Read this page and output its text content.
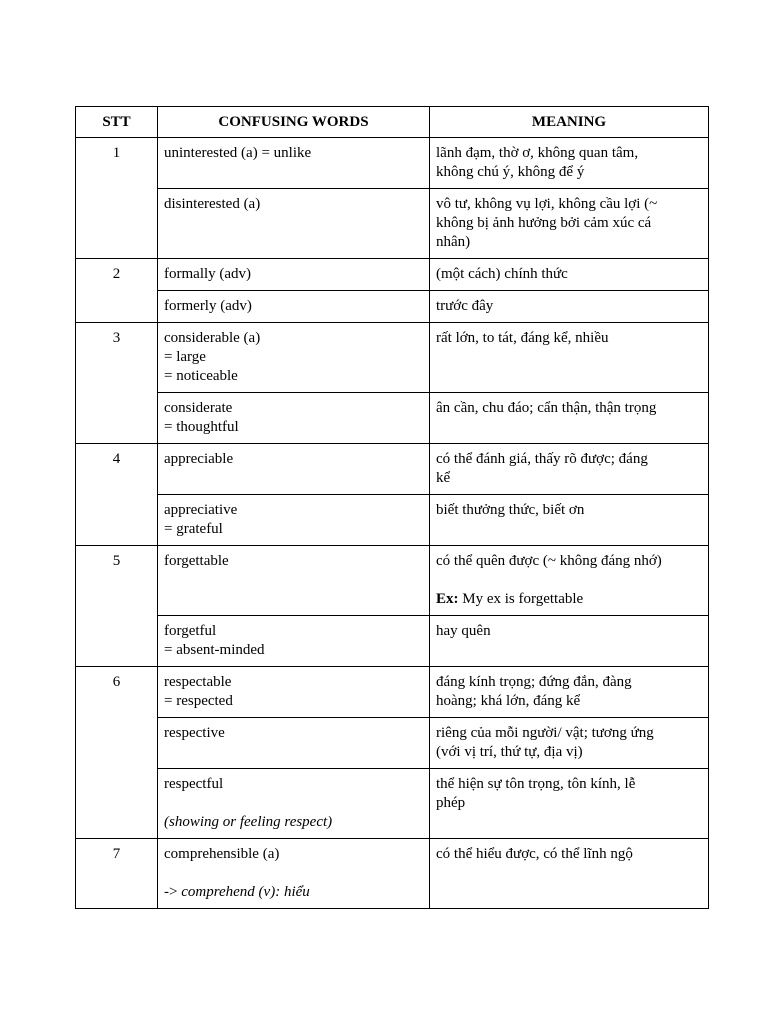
STT	CONFUSING WORDS	MEANING
1	uninterested (a) = unlike	lãnh đạm, thờ ơ, không quan tâm,
không chú ý, không để ý

	disinterested (a)	vô tư, không vụ lợi, không cầu lợi (~
không bị ảnh hưởng bởi cảm xúc cá
nhân)

2	formally (adv)	(một cách) chính thức

	formerly (adv)	trước đây

3	considerable (a)
= large
= noticeable	rất lớn, to tát, đáng kể, nhiều

	considerate
= thoughtful	ân cần, chu đáo; cẩn thận, thận trọng

4	appreciable	có thể đánh giá, thấy rõ được; đáng
kể

	appreciative
= grateful	biết thưởng thức, biết ơn

5	forgettable	có thể quên được (~ không đáng nhớ)
Ex: My ex is forgettable

	forgetful
= absent-minded	hay quên

6	respectable
= respected	đáng kính trọng; đứng đắn, đàng
hoàng; khá lớn, đáng kể

	respective	riêng của mỗi người/ vật; tương ứng
(với vị trí, thứ tự, địa vị)

	respectful
(showing or feeling respect)	thể hiện sự tôn trọng, tôn kính, lễ
phép

7	comprehensible (a)
-> comprehend (v): hiểu	có thể hiểu được, có thể lĩnh ngộ
